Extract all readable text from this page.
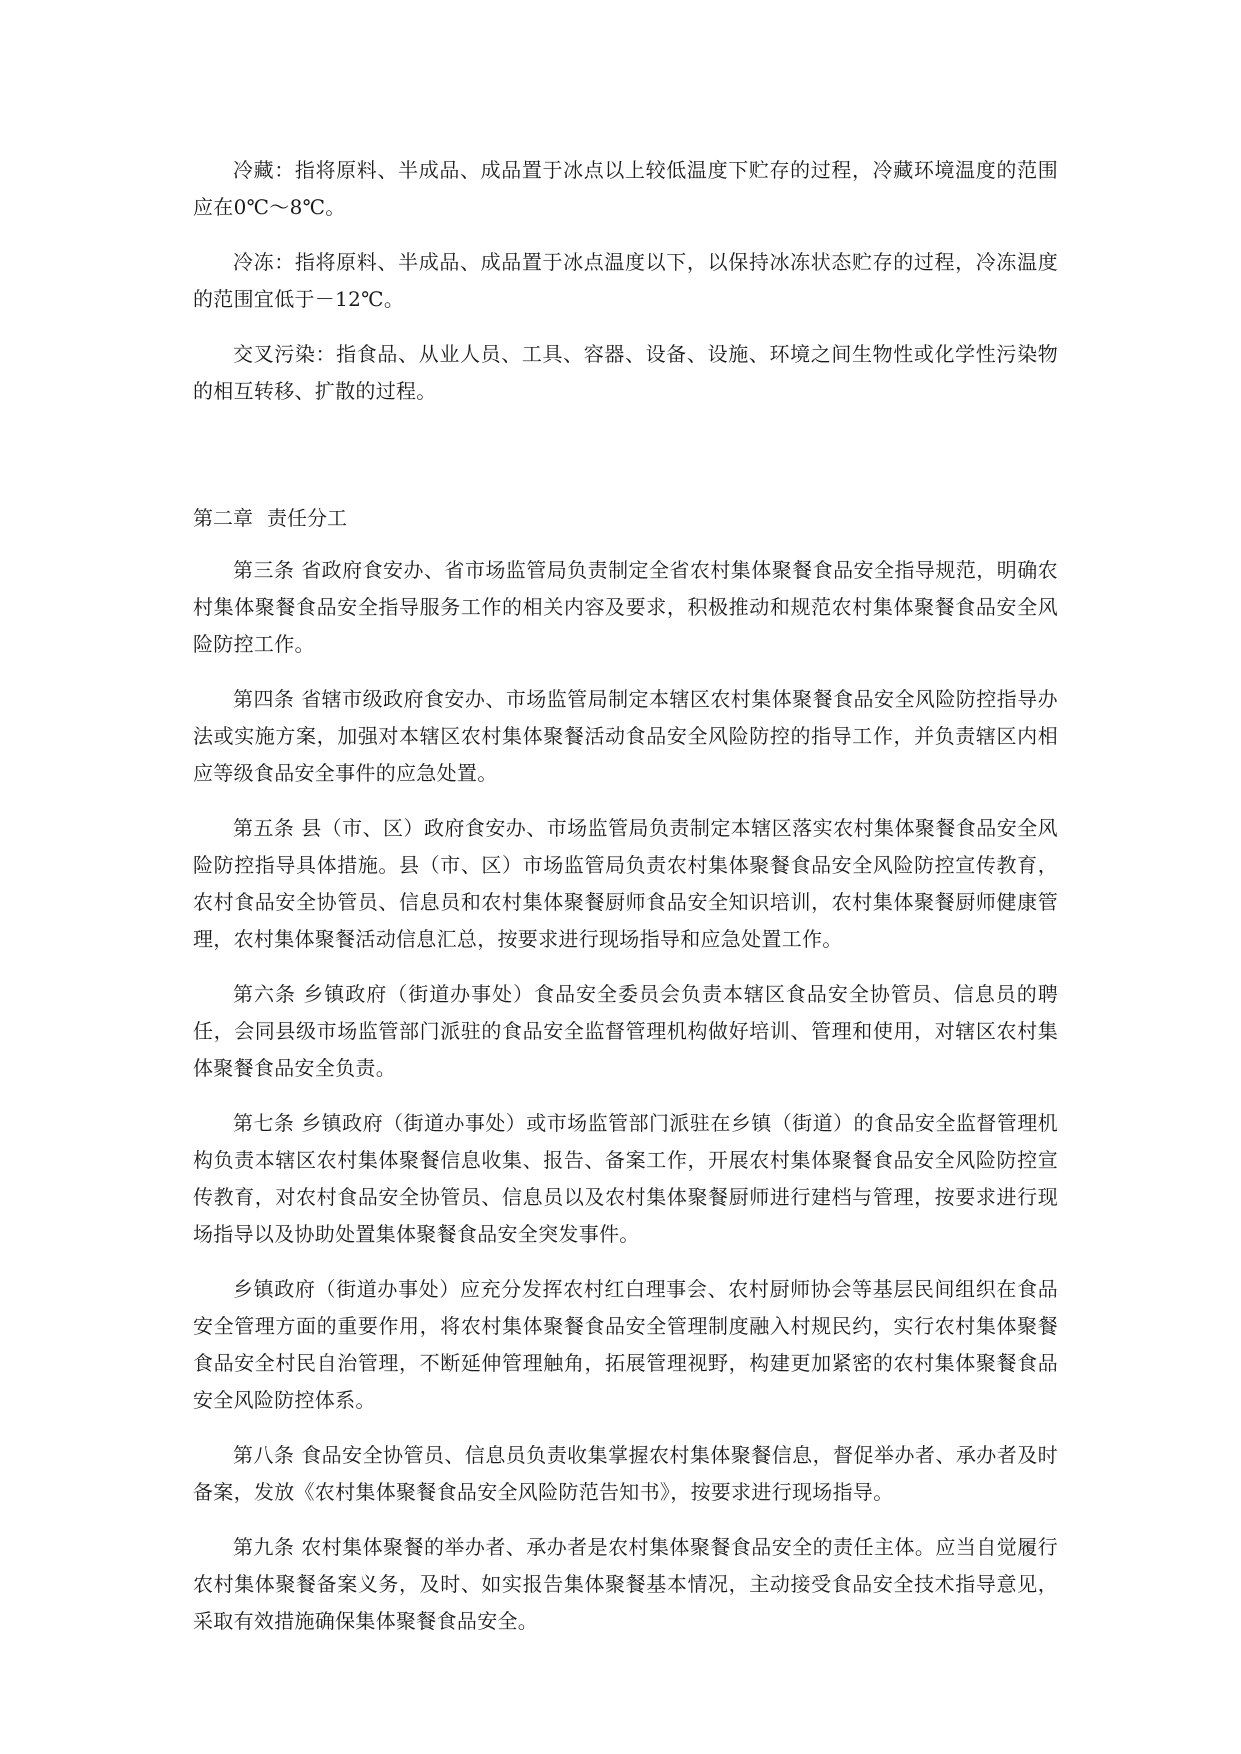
冷藏：指将原料、半成品、成品置于冰点以上较低温度下贮存的过程，冷藏环境温度的范围应在0℃～8℃。

冷冻：指将原料、半成品、成品置于冰点温度以下，以保持冰冻状态贮存的过程，冷冻温度的范围宜低于－12℃。

交叉污染：指食品、从业人员、工具、容器、设备、设施、环境之间生物性或化学性污染物的相互转移、扩散的过程。

第二章 责任分工

第三条 省政府食安办、省市场监管局负责制定全省农村集体聚餐食品安全指导规范，明确农村集体聚餐食品安全指导服务工作的相关内容及要求，积极推动和规范农村集体聚餐食品安全风险防控工作。

第四条 省辖市级政府食安办、市场监管局制定本辖区农村集体聚餐食品安全风险防控指导办法或实施方案，加强对本辖区农村集体聚餐活动食品安全风险防控的指导工作，并负责辖区内相应等级食品安全事件的应急处置。

第五条 县（市、区）政府食安办、市场监管局负责制定本辖区落实农村集体聚餐食品安全风险防控指导具体措施。县（市、区）市场监管局负责农村集体聚餐食品安全风险防控宣传教育，农村食品安全协管员、信息员和农村集体聚餐厨师食品安全知识培训，农村集体聚餐厨师健康管理，农村集体聚餐活动信息汇总，按要求进行现场指导和应急处置工作。

第六条 乡镇政府（街道办事处）食品安全委员会负责本辖区食品安全协管员、信息员的聘任，会同县级市场监管部门派驻的食品安全监督管理机构做好培训、管理和使用，对辖区农村集体聚餐食品安全负责。

第七条 乡镇政府（街道办事处）或市场监管部门派驻在乡镇（街道）的食品安全监督管理机构负责本辖区农村集体聚餐信息收集、报告、备案工作，开展农村集体聚餐食品安全风险防控宣传教育，对农村食品安全协管员、信息员以及农村集体聚餐厨师进行建档与管理，按要求进行现场指导以及协助处置集体聚餐食品安全突发事件。

乡镇政府（街道办事处）应充分发挥农村红白理事会、农村厨师协会等基层民间组织在食品安全管理方面的重要作用，将农村集体聚餐食品安全管理制度融入村规民约，实行农村集体聚餐食品安全村民自治管理，不断延伸管理触角，拓展管理视野，构建更加紧密的农村集体聚餐食品安全风险防控体系。

第八条 食品安全协管员、信息员负责收集掌握农村集体聚餐信息，督促举办者、承办者及时备案，发放《农村集体聚餐食品安全风险防范告知书》，按要求进行现场指导。

第九条 农村集体聚餐的举办者、承办者是农村集体聚餐食品安全的责任主体。应当自觉履行农村集体聚餐备案义务，及时、如实报告集体聚餐基本情况，主动接受食品安全技术指导意见，采取有效措施确保集体聚餐食品安全。
